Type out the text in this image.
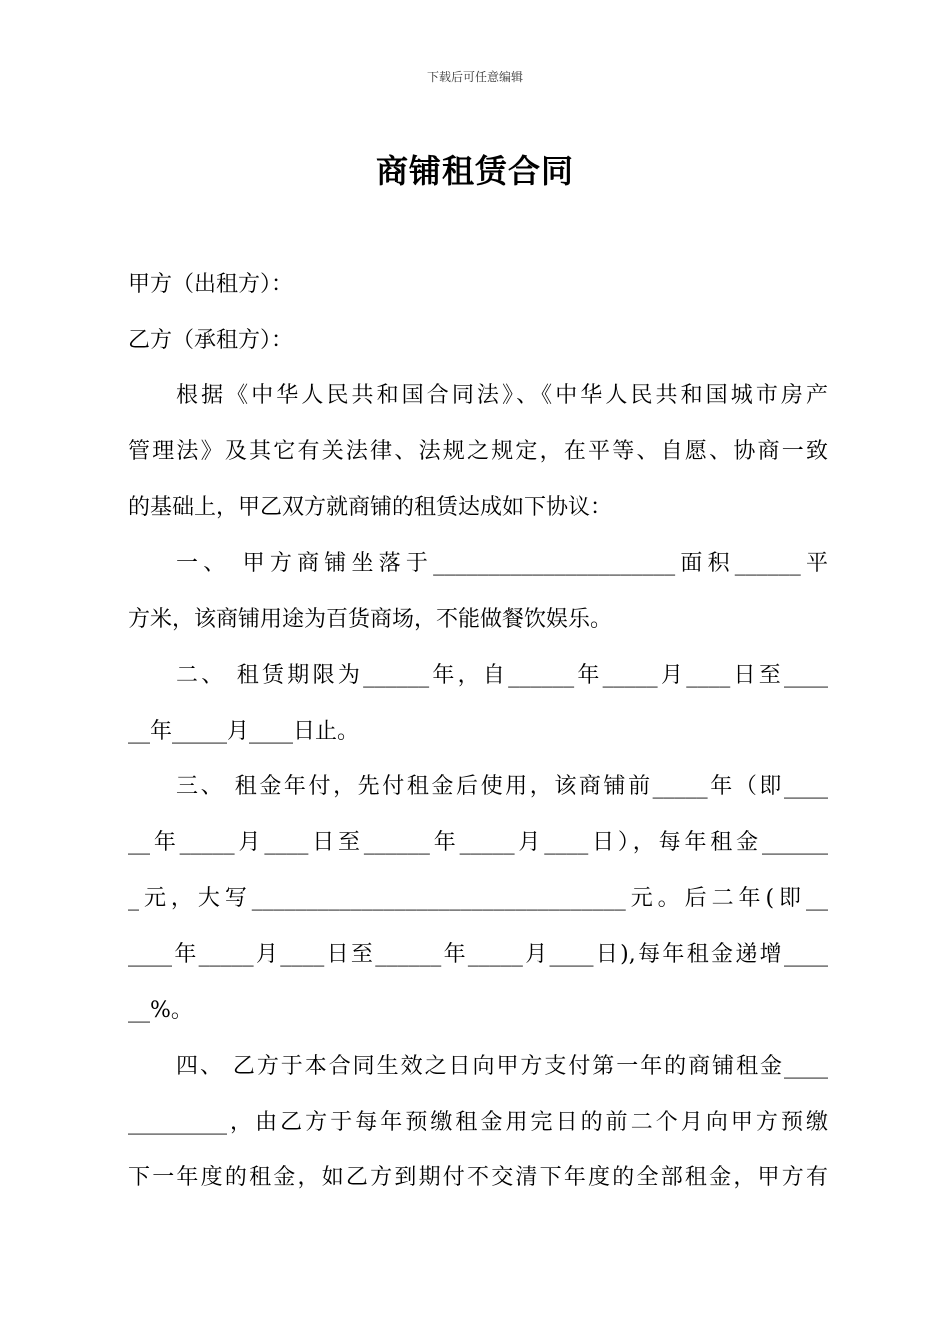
下载后可任意编辑
商铺租赁合同
甲方（出租方）：
乙方（承租方）：
根据《中华人民共和国合同法》、《中华人民共和国城市房产
管理法》及其它有关法律、法规之规定，在平等、自愿、协商一致
的基础上，甲乙双方就商铺的租赁达成如下协议：
一、 甲方商铺坐落于______________________面积______平
方米，该商铺用途为百货商场，不能做餐饮娱乐。
二、 租赁期限为______年，自______年_____月____日至____
__年_____月____日止。
三、 租金年付，先付租金后使用，该商铺前_____年（即____
__年_____月____日至______年_____月____日），每年租金______
_元，大写__________________________________元。后二年(即__
____年_____月____日至______年_____月____日),每年租金递增____
__%。
四、 乙方于本合同生效之日向甲方支付第一年的商铺租金____
_________，由乙方于每年预缴租金用完日的前二个月向甲方预缴
下一年度的租金，如乙方到期付不交清下年度的全部租金，甲方有
